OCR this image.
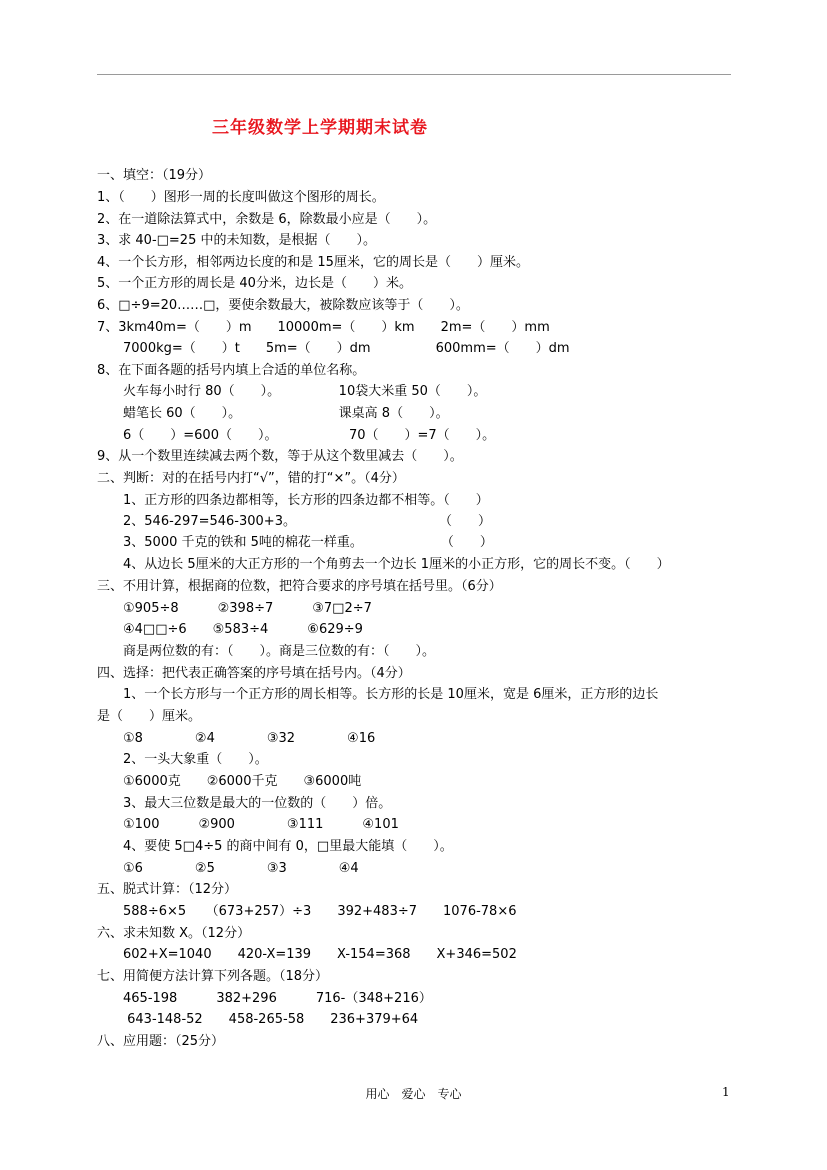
三年级数学上学期期末试卷
一、填空：（19分）
1、（　　）图形一周的长度叫做这个图形的周长。
2、在一道除法算式中，余数是 6，除数最小应是（　　）。
3、求 40-□=25 中的未知数，是根据（　　）。
4、一个长方形，相邻两边长度的和是 15厘米，它的周长是（　　）厘米。
5、一个正方形的周长是 40分米，边长是（　　）米。
6、□÷9=20……□，要使余数最大，被除数应该等于（　　）。
7、3km40m=（　　）m　　10000m=（　　）km　　2m=（　　）mm
　　7000kg=（　　）t　　5m=（　　）dm　　　　　600mm=（　　）dm
8、在下面各题的括号内填上合适的单位名称。
　　火车每小时行 80（　　）。　　　　　10袋大米重 50（　　）。
　　蜡笔长 60（　　）。　　　　　　　　课桌高 8（　　）。
　　6（　　）=600（　　）。　　　　　　70（　　）=7（　　）。
9、从一个数里连续减去两个数，等于从这个数里减去（　　）。
二、判断：对的在括号内打“√”，错的打“×”。（4分）
　　1、正方形的四条边都相等，长方形的四条边都不相等。（　　）
　　2、546-297=546-300+3。　　　　　　　　　　　　（　　）
　　3、5000 千克的铁和 5吨的棉花一样重。　　　　　　　（　　）
　　4、从边长 5厘米的大正方形的一个角剪去一个边长 1厘米的小正方形，它的周长不变。（　　）
三、不用计算，根据商的位数，把符合要求的序号填在括号里。（6分）
　　①905÷8　　　②398÷7　　　③7□2÷7
　　④4□□÷6　　⑤583÷4　　　⑥629÷9
　　商是两位数的有：（　　）。商是三位数的有：（　　）。
四、选择：把代表正确答案的序号填在括号内。（4分）
　　1、一个长方形与一个正方形的周长相等。长方形的长是 10厘米，宽是 6厘米，正方形的边长
是（　　）厘米。
　　①8　　　　②4　　　　③32　　　　④16
　　2、一头大象重（　　）。
　　①6000克　　②6000千克　　③6000吨
　　3、最大三位数是最大的一位数的（　　）倍。
　　①100　　　②900　　　　③111　　　④101
　　4、要使 5□4÷5 的商中间有 0，□里最大能填（　　）。
　　①6　　　　②5　　　　③3　　　　④4
五、脱式计算：（12分）
　　588÷6×5　　（673+257）÷3　　392+483÷7　　1076-78×6
六、求未知数 X。（12分）
　　602+X=1040　　420-X=139　　X-154=368　　X+346=502
七、用简便方法计算下列各题。（18分）
　　465-198　　　382+296　　　716-（348+216）
　　 643-148-52　　458-265-58　　236+379+64
八、应用题：（25分）
用心　爱心　专心	1
